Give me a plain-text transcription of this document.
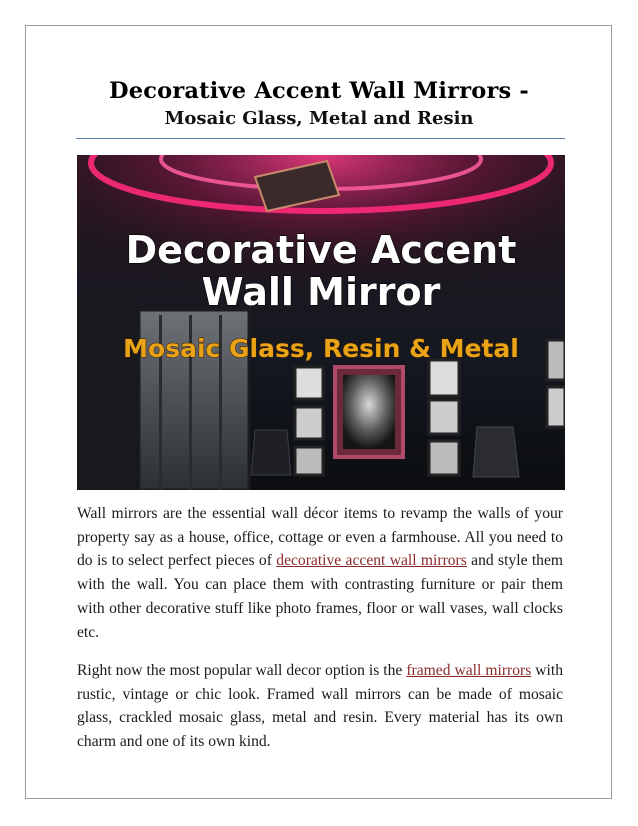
Decorative Accent Wall Mirrors -
Mosaic Glass, Metal and Resin
Decorative Accent
Wall Mirror
Mosaic Glass, Resin & Metal
Wall mirrors are the essential wall décor items to revamp the walls of your property say as a house, office, cottage or even a farmhouse. All you need to do is to select perfect pieces of decorative accent wall mirrors and style them with the wall. You can place them with contrasting furniture or pair them with other decorative stuff like photo frames, floor or wall vases, wall clocks etc.
Right now the most popular wall decor option is the framed wall mirrors with rustic, vintage or chic look. Framed wall mirrors can be made of mosaic glass, crackled mosaic glass, metal and resin. Every material has its own charm and one of its own kind.
